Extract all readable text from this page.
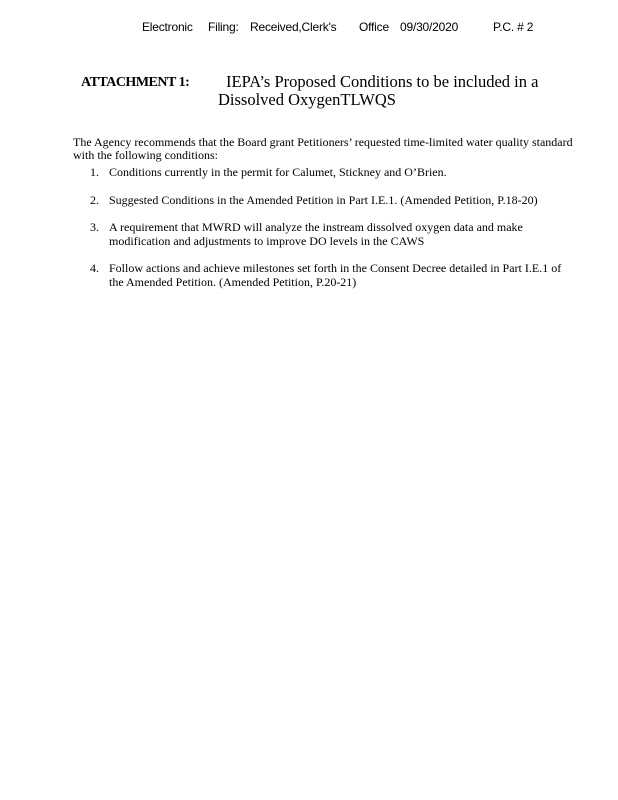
Electronic Filing: Received,Clerk's Office 09/30/2020	P.C. # 2
ATTACHMENT 1: IEPA’s Proposed Conditions to be included in a
Dissolved OxygenTLWQS

The Agency recommends that the Board grant Petitioners’ requested time-limited water quality standard with the following conditions:

1. Conditions currently in the permit for Calumet, Stickney and O’Brien.
2. Suggested Conditions in the Amended Petition in Part I.E.1. (Amended Petition, P.18-20)
3. A requirement that MWRD will analyze the instream dissolved oxygen data and make modification and adjustments to improve DO levels in the CAWS
4. Follow actions and achieve milestones set forth in the Consent Decree detailed in Part I.E.1 of the Amended Petition. (Amended Petition, P.20-21)
